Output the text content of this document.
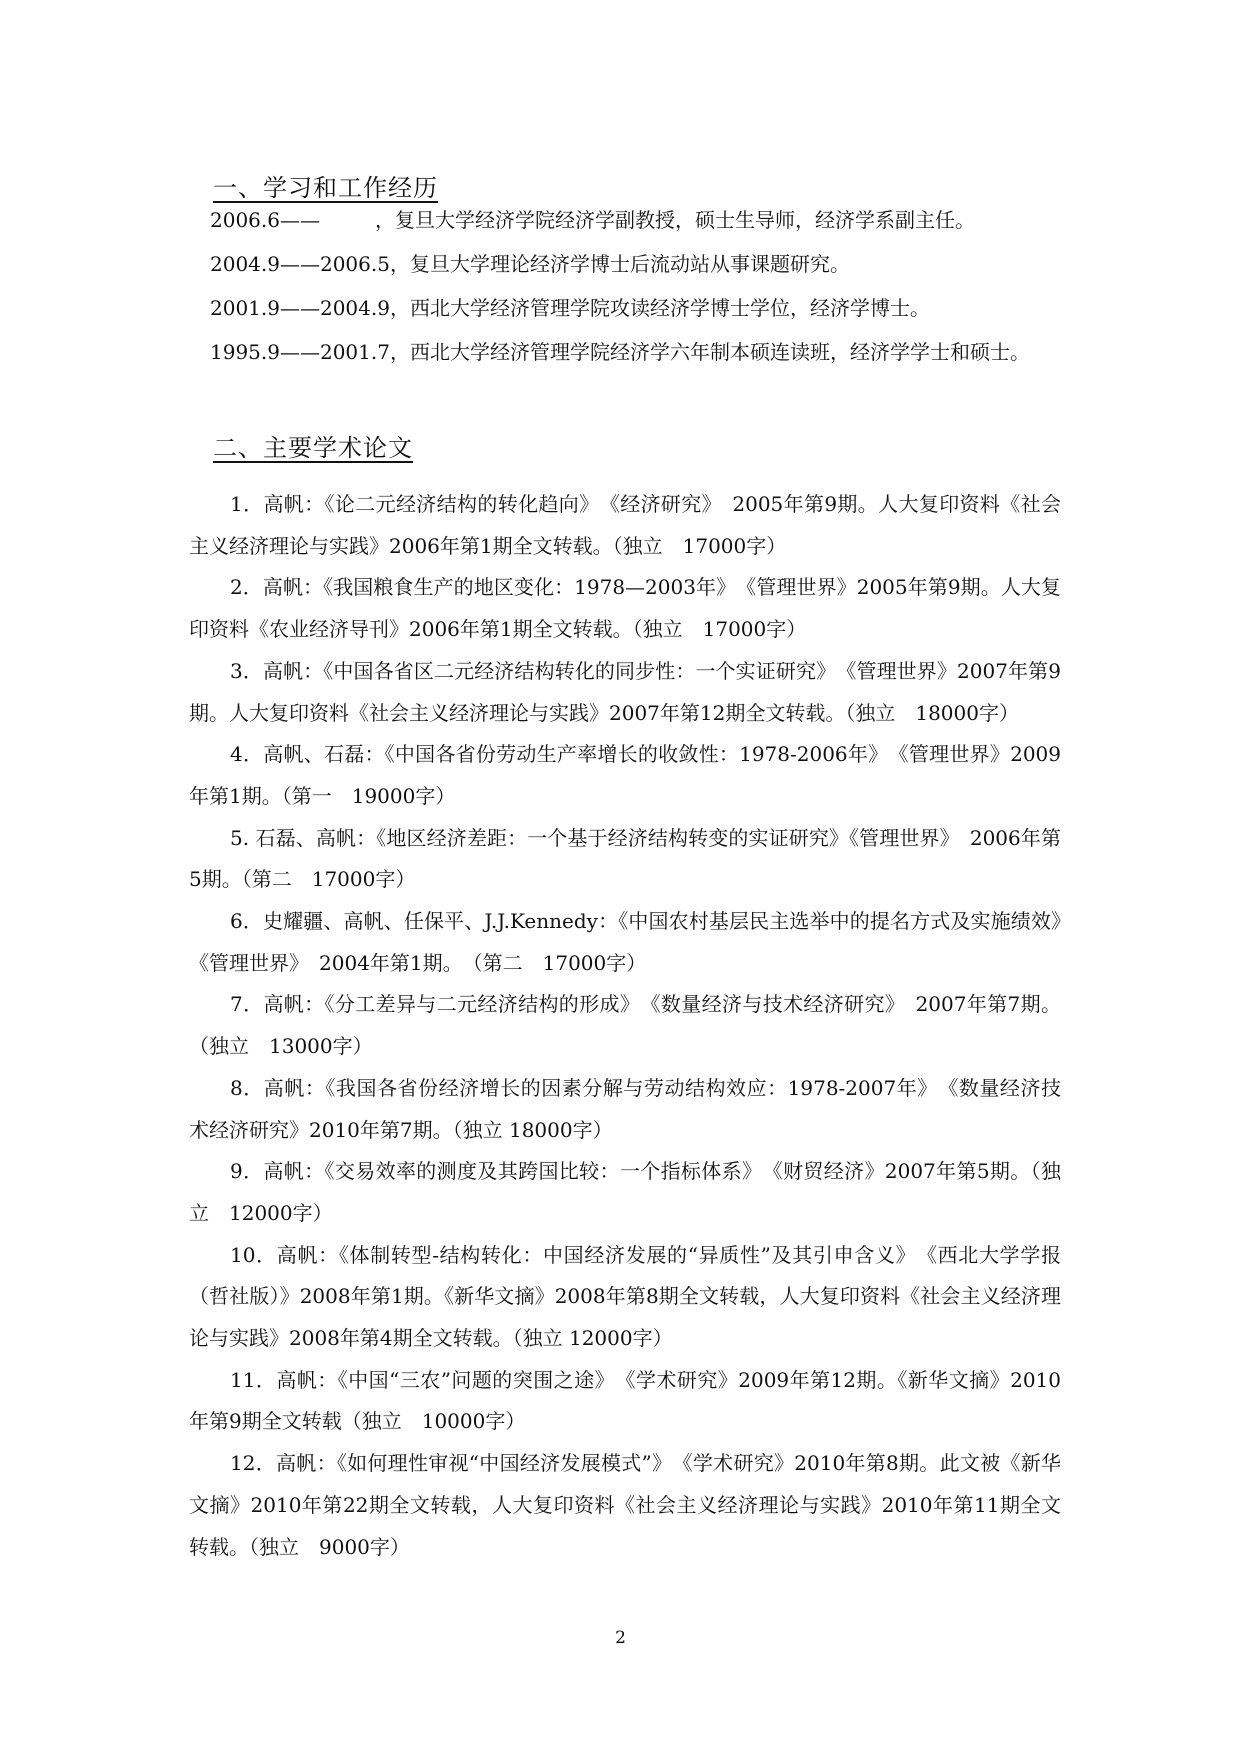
一、学习和工作经历
2006.6——	，复旦大学经济学院经济学副教授，硕士生导师，经济学系副主任。
2004.9——2006.5，复旦大学理论经济学博士后流动站从事课题研究。
2001.9——2004.9，西北大学经济管理学院攻读经济学博士学位，经济学博士。
1995.9——2001.7，西北大学经济管理学院经济学六年制本硕连读班，经济学学士和硕士。
二、主要学术论文

1．高帆：《论二元经济结构的转化趋向》　《经济研究》　2005年第9期。人大复印资料《社会主义经济理论与实践》2006年第1期全文转载。（独立　17000字）

2．高帆：《我国粮食生产的地区变化：1978—2003年》　《管理世界》2005年第9期。人大复印资料《农业经济导刊》2006年第1期全文转载。（独立　17000字）

3．高帆：《中国各省区二元经济结构转化的同步性：一个实证研究》　《管理世界》2007年第9期。人大复印资料《社会主义经济理论与实践》2007年第12期全文转载。（独立　18000字）

4．高帆、石磊：《中国各省份劳动生产率增长的收敛性：1978-2006年》　《管理世界》2009年第1期。（第一　19000字）

5. 石磊、高帆：《地区经济差距：一个基于经济结构转变的实证研究》《管理世界》　2006年第5期。（第二　17000字）

6．史耀疆、高帆、任保平、J.J.Kennedy：《中国农村基层民主选举中的提名方式及实施绩效》　《管理世界》　2004年第1期。　（第二　17000字）

7．高帆：《分工差异与二元经济结构的形成》　《数量经济与技术经济研究》　2007年第7期。（独立　13000字）

8．高帆：《我国各省份经济增长的因素分解与劳动结构效应：1978-2007年》　《数量经济技术经济研究》2010年第7期。（独立 18000字）

9．高帆：《交易效率的测度及其跨国比较：一个指标体系》　《财贸经济》2007年第5期。（独立　12000字）

10．高帆：《体制转型-结构转化：中国经济发展的“异质性”及其引申含义》　《西北大学学报（哲社版）》2008年第1期。《新华文摘》2008年第8期全文转载，人大复印资料《社会主义经济理论与实践》2008年第4期全文转载。（独立 12000字）

11．高帆：《中国“三农”问题的突围之途》　《学术研究》2009年第12期。《新华文摘》2010年第9期全文转载（独立　10000字）

12．高帆：《如何理性审视“中国经济发展模式”》　《学术研究》2010年第8期。此文被《新华文摘》2010年第22期全文转载，人大复印资料《社会主义经济理论与实践》2010年第11期全文转载。（独立　9000字）

2
